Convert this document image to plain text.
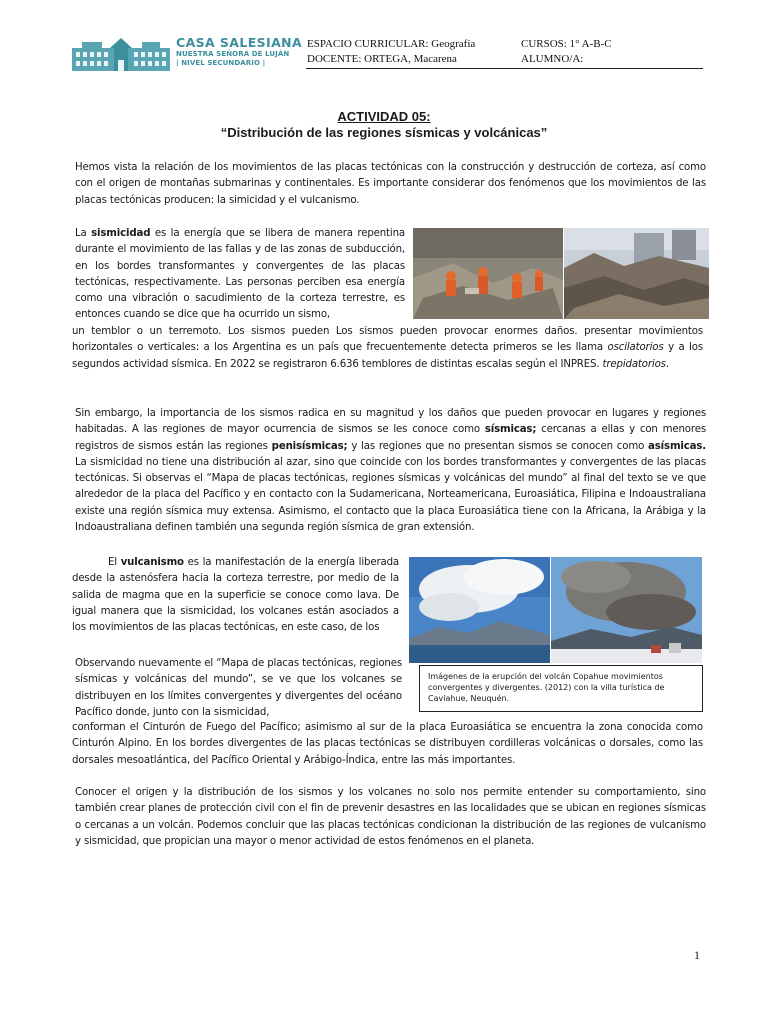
CASA SALESIANA
NUESTRA SEÑORA DE LUJÁN
| NIVEL SECUNDARIO |
ESPACIO CURRICULAR: Geografía
DOCENTE: ORTEGA, Macarena
CURSOS: 1° A-B-C
ALUMNO/A:
ACTIVIDAD 05:
“Distribución de las regiones sísmicas y volcánicas”

Hemos vista la relación de los movimientos de las placas tectónicas con la construcción y destrucción de corteza, así como con el origen de montañas submarinas y continentales. Es importante considerar dos fenómenos que los movimientos de las placas tectónicas producen: la simicidad y el vulcanismo.

La sismicidad es la energía que se libera de manera repentina durante el movimiento de las fallas y de las zonas de subducción, en los bordes transformantes y convergentes de las placas tectónicas, respectivamente. Las personas perciben esa energía como una vibración o sacudimiento de la corteza terrestre, es entonces cuando se dice que ha ocurrido un sismo,

un temblor o un terremoto. Los sismos pueden Los sismos pueden provocar enormes daños. presentar movimientos horizontales o verticales: a los Argentina es un país que frecuentemente detecta primeros se les llama oscilatorios y a los segundos actividad sísmica. En 2022 se registraron 6.636 temblores de distintas escalas según el INPRES. trepidatorios.

Sin embargo, la importancia de los sismos radica en su magnitud y los daños que pueden provocar en lugares y regiones habitadas. A las regiones de mayor ocurrencia de sismos se les conoce como sísmicas; cercanas a ellas y con menores registros de sismos están las regiones penisísmicas; y las regiones que no presentan sismos se conocen como asísmicas. La sismicidad no tiene una distribución al azar, sino que coincide con los bordes transformantes y convergentes de las placas tectónicas. Si observas el “Mapa de placas tectónicas, regiones sísmicas y volcánicas del mundo” al final del texto se ve que alrededor de la placa del Pacífico y en contacto con la Sudamericana, Norteamericana, Euroasiática, Filipina e Indoaustraliana existe una región sísmica muy extensa. Asimismo, el contacto que la placa Euroasiática tiene con la Africana, la Arábiga y la Indoaustraliana definen también una segunda región sísmica de gran extensión.

El vulcanismo es la manifestación de la energía liberada desde la astenósfera hacia la corteza terrestre, por medio de la salida de magma que en la superficie se conoce como lava. De igual manera que la sismicidad, los volcanes están asociados a los movimientos de las placas tectónicas, en este caso, de los

Observando nuevamente el “Mapa de placas tectónicas, regiones sísmicas y volcánicas del mundo”, se ve que los volcanes se distribuyen en los límites convergentes y divergentes del océano Pacífico donde, junto con la sismicidad,

Imágenes de la erupción del volcán Copahue movimientos convergentes y divergentes. (2012) con la villa turística de Caviahue, Neuquén.

conforman el Cinturón de Fuego del Pacífico; asimismo al sur de la placa Euroasiática se encuentra la zona conocida como Cinturón Alpino. En los bordes divergentes de las placas tectónicas se distribuyen cordilleras volcánicas o dorsales, como las dorsales mesoatlántica, del Pacífico Oriental y Arábigo-Índica, entre las más importantes.

Conocer el origen y la distribución de los sismos y los volcanes no solo nos permite entender su comportamiento, sino también crear planes de protección civil con el fin de prevenir desastres en las localidades que se ubican en regiones sísmicas o cercanas a un volcán. Podemos concluir que las placas tectónicas condicionan la distribución de las regiones de vulcanismo y sismicidad, que propician una mayor o menor actividad de estos fenómenos en el planeta.

1
